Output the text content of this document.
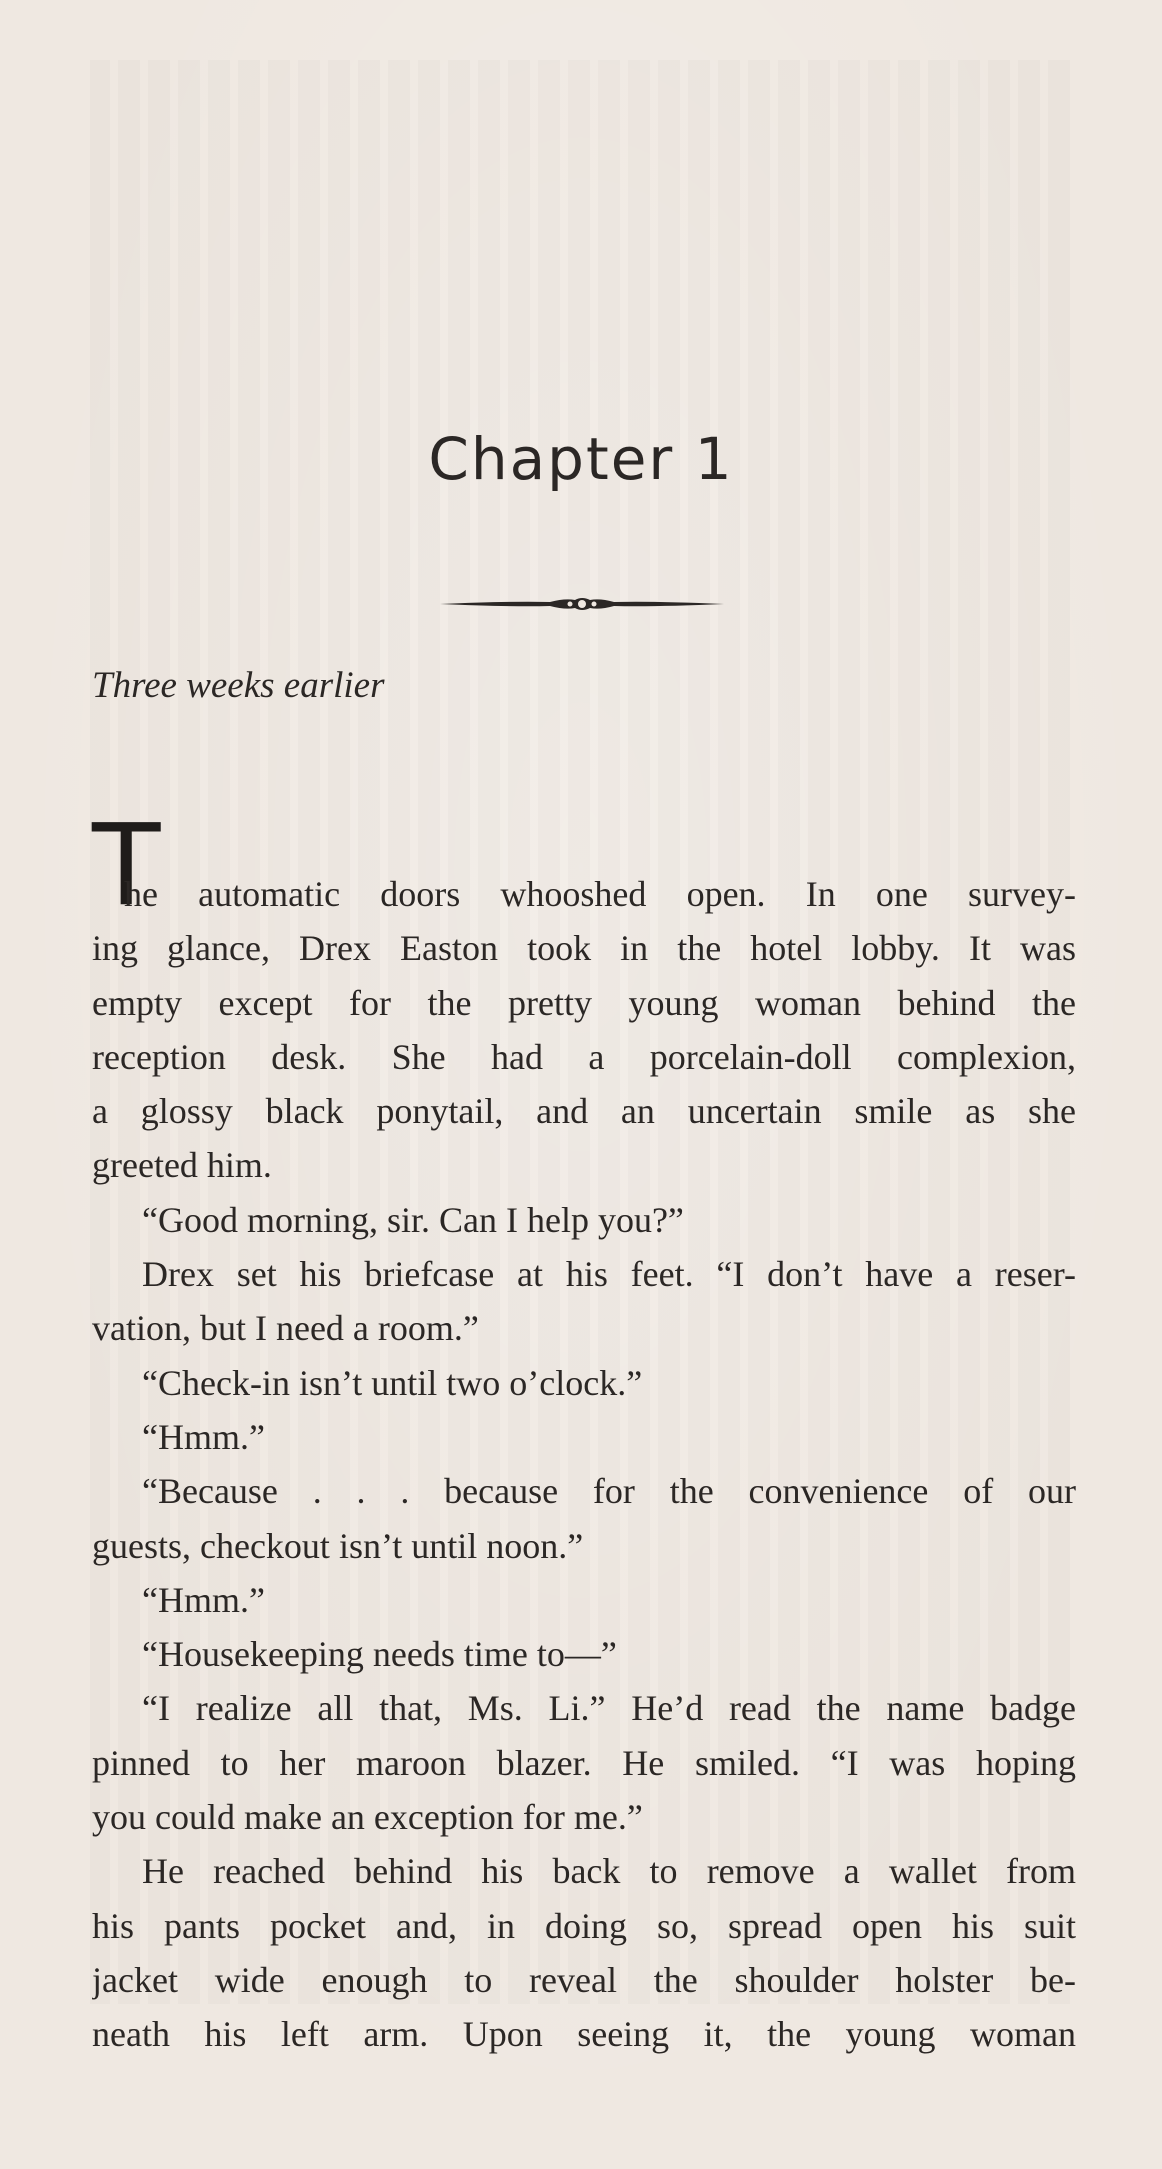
Chapter 1
Three weeks earlier
T
he automatic doors whooshed open. In one survey-
ing glance, Drex Easton took in the hotel lobby. It was
empty except for the pretty young woman behind the
reception desk. She had a porcelain-doll complexion,
a glossy black ponytail, and an uncertain smile as she
greeted him.
“Good morning, sir. Can I help you?”
Drex set his briefcase at his feet. “I don’t have a reser-
vation, but I need a room.”
“Check-in isn’t until two o’clock.”
“Hmm.”
“Because . . . because for the convenience of our
guests, checkout isn’t until noon.”
“Hmm.”
“Housekeeping needs time to—”
“I realize all that, Ms. Li.” He’d read the name badge
pinned to her maroon blazer. He smiled. “I was hoping
you could make an exception for me.”
He reached behind his back to remove a wallet from
his pants pocket and, in doing so, spread open his suit
jacket wide enough to reveal the shoulder holster be-
neath his left arm. Upon seeing it, the young woman
